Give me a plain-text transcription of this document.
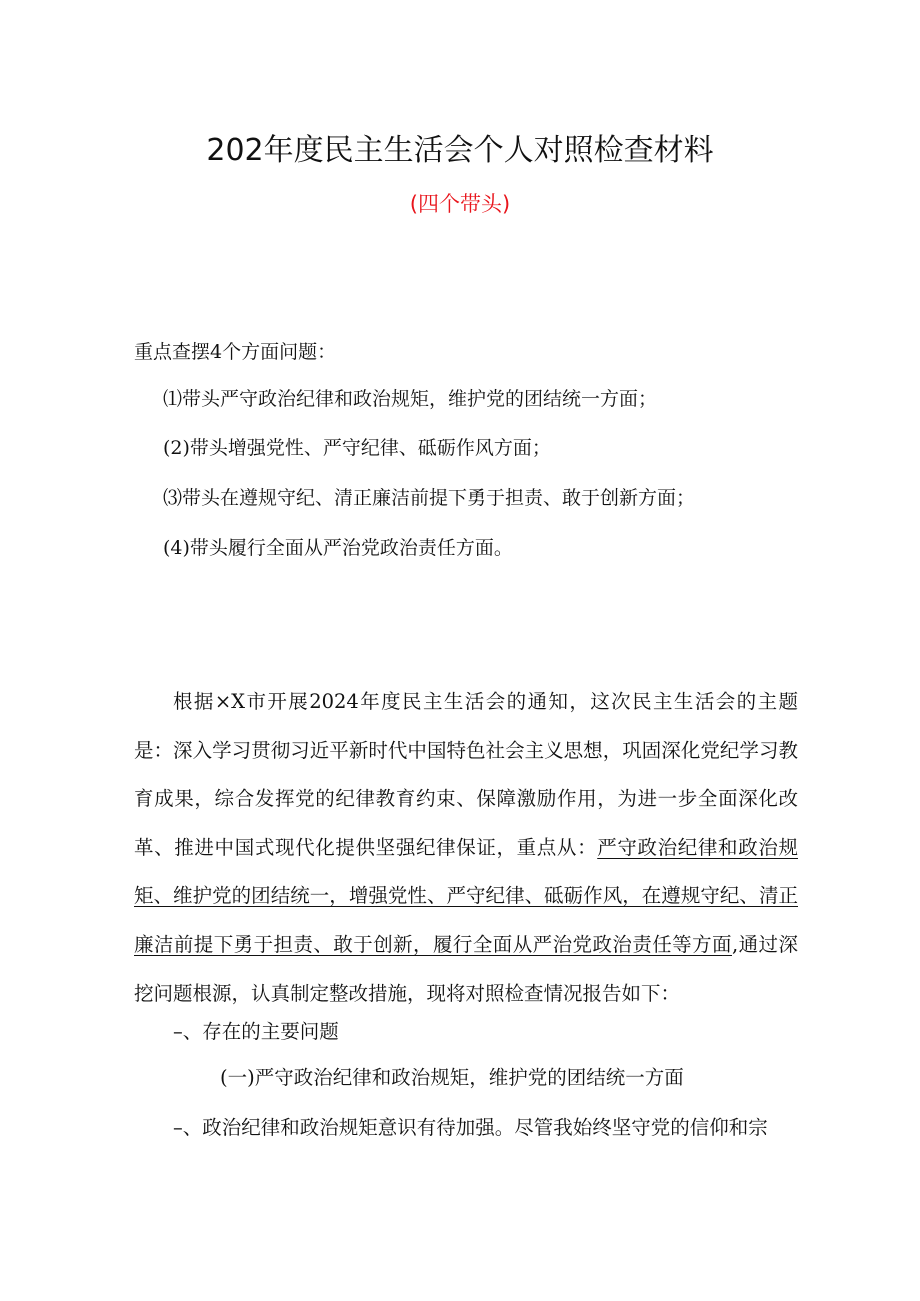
202年度民主生活会个人对照检查材料
(四个带头)
重点查摆4个方面问题：
⑴带头严守政治纪律和政治规矩，维护党的团结统一方面；
(2)带头增强党性、严守纪律、砥砺作风方面；
⑶带头在遵规守纪、清正廉洁前提下勇于担责、敢于创新方面；
(4)带头履行全面从严治党政治责任方面。

根据×X市开展2024年度民主生活会的通知，这次民主生活会的主题是：深入学习贯彻习近平新时代中国特色社会主义思想，巩固深化党纪学习教育成果，综合发挥党的纪律教育约束、保障激励作用，为进一步全面深化改革、推进中国式现代化提供坚强纪律保证，重点从：严守政治纪律和政治规矩、维护党的团结统一，增强党性、严守纪律、砥砺作风，在遵规守纪、清正廉洁前提下勇于担责、敢于创新，履行全面从严治党政治责任等方面,通过深挖问题根源，认真制定整改措施，现将对照检查情况报告如下：

–、存在的主要问题
(一)严守政治纪律和政治规矩，维护党的团结统一方面
–、政治纪律和政治规矩意识有待加强。尽管我始终坚守党的信仰和宗
